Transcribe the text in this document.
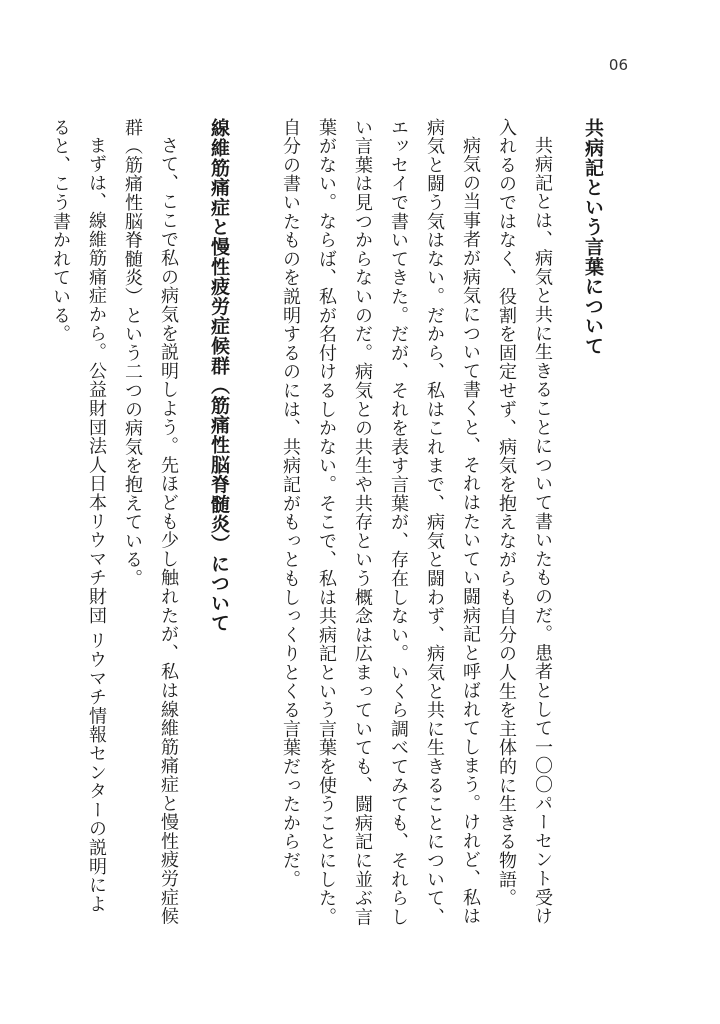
06
共病記という言葉について

共病記とは、病気と共に生きることについて書いたものだ。患者として一〇〇パーセント受け入れるのではなく、役割を固定せず、病気を抱えながらも自分の人生を主体的に生きる物語。

病気の当事者が病気について書くと、それはたいてい闘病記と呼ばれてしまう。けれど、私は病気と闘う気はない。だから、私はこれまで、病気と闘わず、病気と共に生きることについて、エッセイで書いてきた。だが、それを表す言葉が、存在しない。いくら調べてみても、それらしい言葉は見つからないのだ。病気との共生や共存という概念は広まっていても、闘病記に並ぶ言葉がない。ならば、私が名付けるしかない。そこで、私は共病記という言葉を使うことにした。自分の書いたものを説明するのには、共病記がもっともしっくりとくる言葉だったからだ。

線維筋痛症と慢性疲労症候群（筋痛性脳脊髄炎）について

さて、ここで私の病気を説明しよう。先ほども少し触れたが、私は線維筋痛症と慢性疲労症候群（筋痛性脳脊髄炎）という二つの病気を抱えている。

まずは、線維筋痛症から。公益財団法人日本リウマチ財団 リウマチ情報センターの説明によると、こう書かれている。
